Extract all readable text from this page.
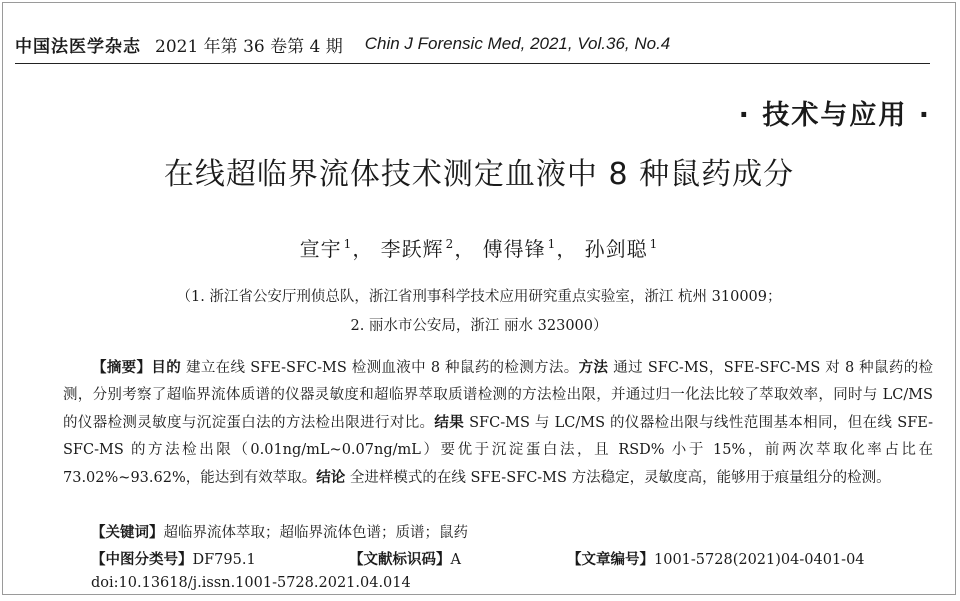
中国法医学杂志 2021 年第 36 卷第 4 期 Chin J Forensic Med, 2021, Vol.36, No.4
· 技术与应用 ·
在线超临界流体技术测定血液中 8 种鼠药成分
宣宇 $^1$， 李跃辉 $^2$， 傅得锋 $^1$， 孙剑聪 $^1$
（1. 浙江省公安厅刑侦总队，浙江省刑事科学技术应用研究重点实验室，浙江 杭州 310009；
2. 丽水市公安局，浙江 丽水 323000）

【摘要】目的 建立在线 SFE-SFC-MS 检测血液中 8 种鼠药的检测方法。方法 通过 SFC-MS，SFE-SFC-MS 对 8 种鼠药的检测，分别考察了超临界流体质谱的仪器灵敏度和超临界萃取质谱检测的方法检出限，并通过归一化法比较了萃取效率，同时与 LC/MS 的仪器检测灵敏度与沉淀蛋白法的方法检出限进行对比。结果 SFC-MS 与 LC/MS 的仪器检出限与线性范围基本相同，但在线 SFE-SFC-MS 的方法检出限（0.01ng/mL~0.07ng/mL）要优于沉淀蛋白法，且 RSD% 小于 15%，前两次萃取化率占比在 73.02%~93.62%，能达到有效萃取。结论 全进样模式的在线 SFE-SFC-MS 方法稳定，灵敏度高，能够用于痕量组分的检测。

【关键词】超临界流体萃取；超临界流体色谱；质谱；鼠药
【中图分类号】DF795.1	【文献标识码】A	【文章编号】1001-5728(2021)04-0401-04
doi:10.13618/j.issn.1001-5728.2021.04.014
